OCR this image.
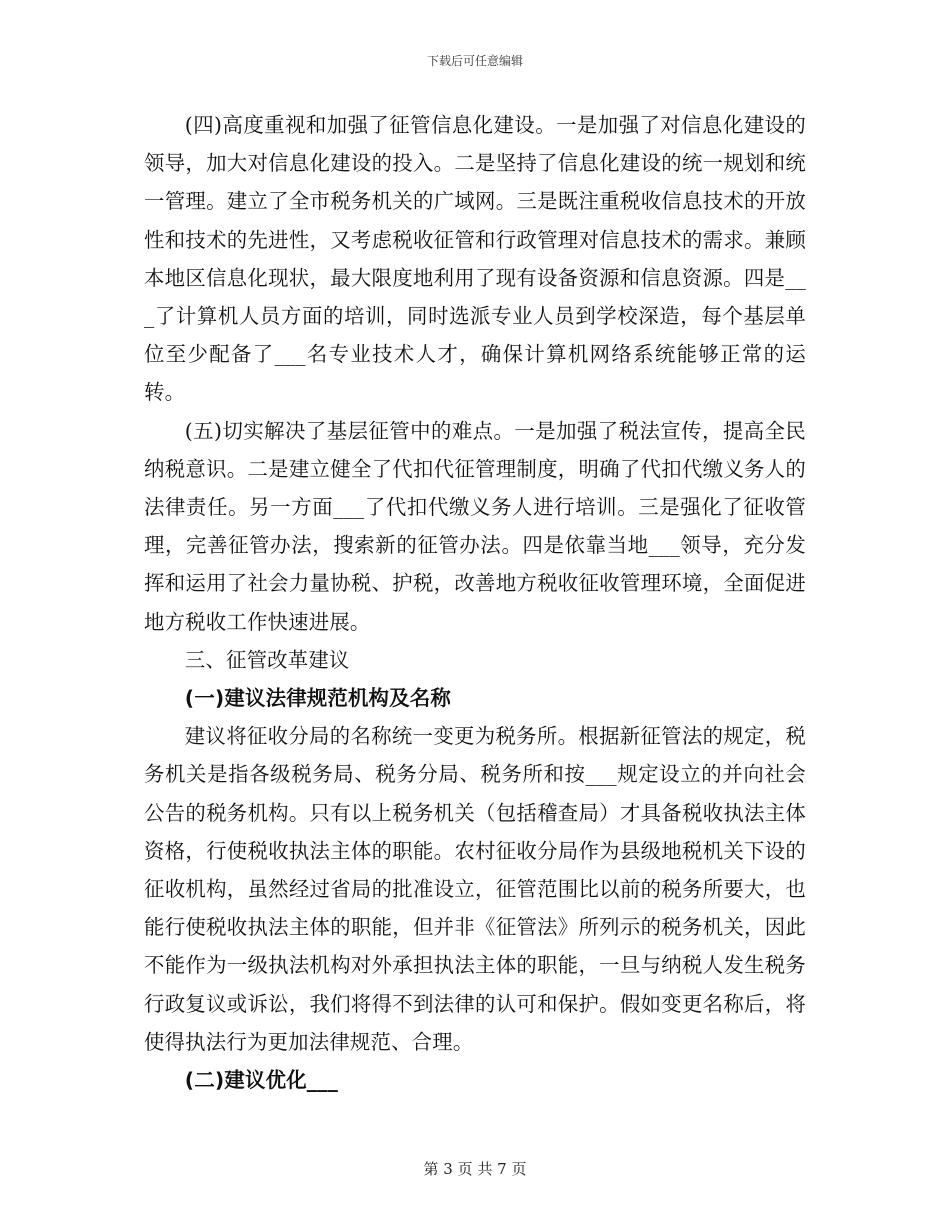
下载后可任意编辑

(四)高度重视和加强了征管信息化建设。一是加强了对信息化建设的领导，加大对信息化建设的投入。二是坚持了信息化建设的统一规划和统一管理。建立了全市税务机关的广域网。三是既注重税收信息技术的开放性和技术的先进性，又考虑税收征管和行政管理对信息技术的需求。兼顾本地区信息化现状，最大限度地利用了现有设备资源和信息资源。四是___了计算机人员方面的培训，同时选派专业人员到学校深造，每个基层单位至少配备了___名专业技术人才，确保计算机网络系统能够正常的运转。

(五)切实解决了基层征管中的难点。一是加强了税法宣传，提高全民纳税意识。二是建立健全了代扣代征管理制度，明确了代扣代缴义务人的法律责任。另一方面___了代扣代缴义务人进行培训。三是强化了征收管理，完善征管办法，搜索新的征管办法。四是依靠当地___领导，充分发挥和运用了社会力量协税、护税，改善地方税收征收管理环境，全面促进地方税收工作快速进展。

三、征管改革建议

(一)建议法律规范机构及名称

建议将征收分局的名称统一变更为税务所。根据新征管法的规定，税务机关是指各级税务局、税务分局、税务所和按___规定设立的并向社会公告的税务机构。只有以上税务机关（包括稽查局）才具备税收执法主体资格，行使税收执法主体的职能。农村征收分局作为县级地税机关下设的征收机构，虽然经过省局的批准设立，征管范围比以前的税务所要大，也能行使税收执法主体的职能，但并非《征管法》所列示的税务机关，因此不能作为一级执法机构对外承担执法主体的职能，一旦与纳税人发生税务行政复议或诉讼，我们将得不到法律的认可和保护。假如变更名称后，将使得执法行为更加法律规范、合理。

(二)建议优化___

第 3 页 共 7 页
